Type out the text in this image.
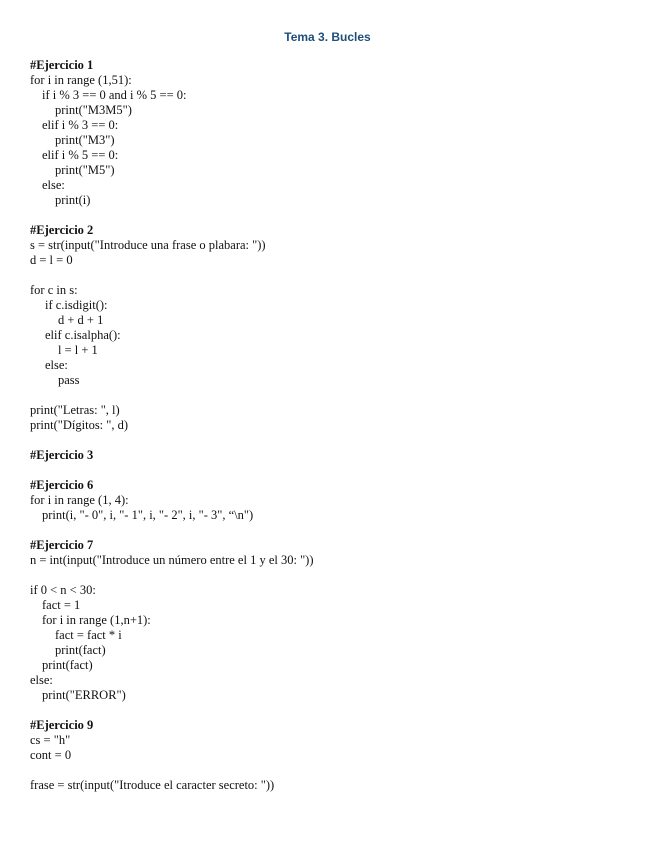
Tema 3. Bucles
#Ejercicio 1
for i in range (1,51):
if i % 3 == 0 and i % 5 == 0:
print("M3M5")
elif i % 3 == 0:
print("M3")
elif i % 5 == 0:
print("M5")
else:
print(i)
#Ejercicio 2
s = str(input("Introduce una frase o plabara: "))
d = l = 0
for c in s:
if c.isdigit():
d + d + 1
elif c.isalpha():
l = l + 1
else:
pass
print("Letras: ", l)
print("Dígitos: ", d)
#Ejercicio 3
#Ejercicio 6
for i in range (1, 4):
print(i, "- 0", i, "- 1", i, "- 2", i, "- 3", “\n")
#Ejercicio 7
n = int(input("Introduce un número entre el 1 y el 30: "))
if 0 < n < 30:
fact = 1
for i in range (1,n+1):
fact = fact * i
print(fact)
print(fact)
else:
print("ERROR")
#Ejercicio 9
cs = "h"
cont = 0
frase = str(input("Itroduce el caracter secreto: "))
